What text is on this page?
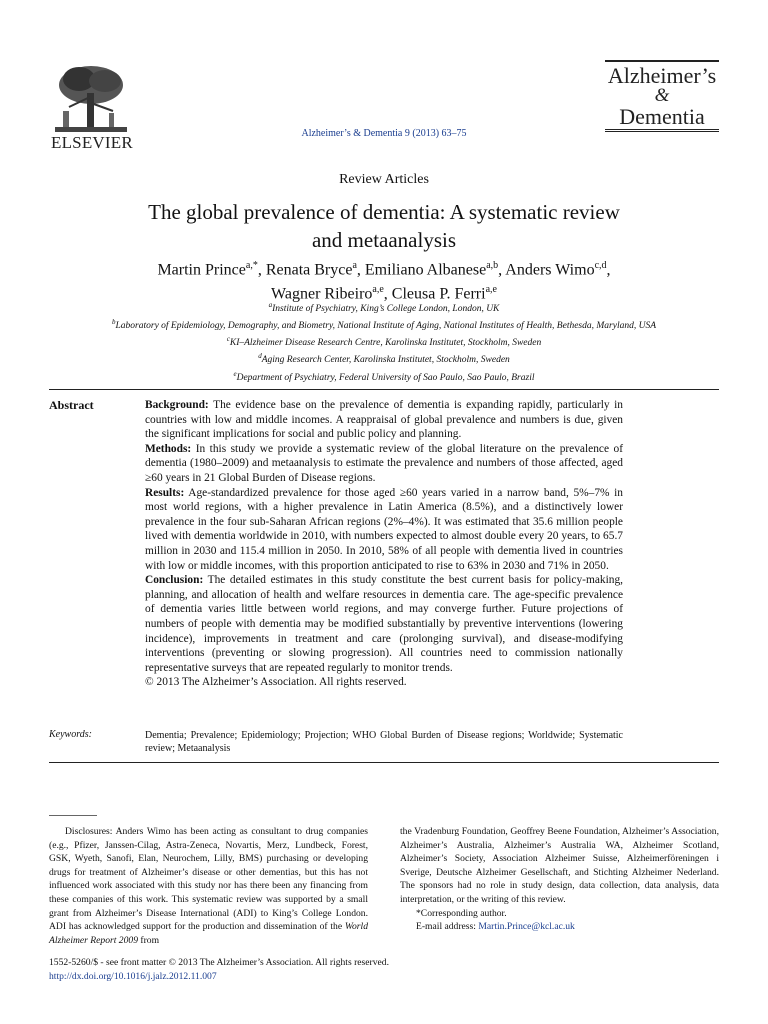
ELSEVIER	Alzheimer’s & Dementia 9 (2013) 63–75
Alzheimer’s
&
Dementia
Review Articles
The global prevalence of dementia: A systematic review
and metaanalysis
Martin Prince$^{a,*}$, Renata Bryce$^a$, Emiliano Albanese$^{a,b}$, Anders Wimo$^{c,d}$,
Wagner Ribeiro$^{a,e}$, Cleusa P. Ferri$^{a,e}$
$^a$Institute of Psychiatry, King’s College London, London, UK
$^b$Laboratory of Epidemiology, Demography, and Biometry, National Institute of Aging, National Institutes of Health, Bethesda, Maryland, USA
$^c$KI–Alzheimer Disease Research Centre, Karolinska Institutet, Stockholm, Sweden
$^d$Aging Research Center, Karolinska Institutet, Stockholm, Sweden
$^e$Department of Psychiatry, Federal University of Sao Paulo, Sao Paulo, Brazil
Abstract	Background: The evidence base on the prevalence of dementia is expanding rapidly, particularly in countries with low and middle incomes. A reappraisal of global prevalence and numbers is due, given the significant implications for social and public policy and planning.

Methods: In this study we provide a systematic review of the global literature on the prevalence of dementia (1980–2009) and metaanalysis to estimate the prevalence and numbers of those affected, aged ≥60 years in 21 Global Burden of Disease regions.

Results: Age-standardized prevalence for those aged ≥60 years varied in a narrow band, 5%–7% in most world regions, with a higher prevalence in Latin America (8.5%), and a distinctively lower prevalence in the four sub-Saharan African regions (2%–4%). It was estimated that 35.6 million people lived with dementia worldwide in 2010, with numbers expected to almost double every 20 years, to 65.7 million in 2030 and 115.4 million in 2050. In 2010, 58% of all people with dementia lived in countries with low or middle incomes, with this proportion anticipated to rise to 63% in 2030 and 71% in 2050.

Conclusion: The detailed estimates in this study constitute the best current basis for policy-making, planning, and allocation of health and welfare resources in dementia care. The age-specific prevalence of dementia varies little between world regions, and may converge further. Future projections of numbers of people with dementia may be modified substantially by preventive interventions (lowering incidence), improvements in treatment and care (prolonging survival), and disease-modifying interventions (preventing or slowing progression). All countries need to commission nationally representative surveys that are repeated regularly to monitor trends.

© 2013 The Alzheimer’s Association. All rights reserved.

Keywords:	Dementia; Prevalence; Epidemiology; Projection; WHO Global Burden of Disease regions; Worldwide; Systematic review; Metaanalysis

Disclosures: Anders Wimo has been acting as consultant to drug companies (e.g., Pfizer, Janssen-Cilag, Astra-Zeneca, Novartis, Merz, Lundbeck, Forest, GSK, Wyeth, Sanofi, Elan, Neurochem, Lilly, BMS) purchasing or developing drugs for treatment of Alzheimer’s disease or other dementias, but this has not influenced work associated with this study nor has there been any financing from these companies of this work. This systematic review was supported by a small grant from Alzheimer’s Disease International (ADI) to King’s College London. ADI has acknowledged support for the production and dissemination of the World Alzheimer Report 2009 from

the Vradenburg Foundation, Geoffrey Beene Foundation, Alzheimer’s Association, Alzheimer’s Australia, Alzheimer’s Australia WA, Alzheimer Scotland, Alzheimer’s Society, Association Alzheimer Suisse, Alzheimerföreningen i Sverige, Deutsche Alzheimer Gesellschaft, and Stichting Alzheimer Nederland. The sponsors had no role in study design, data collection, data analysis, data interpretation, or the writing of this review.

*Corresponding author.

E-mail address: Martin.Prince@kcl.ac.uk

1552-5260/$ - see front matter © 2013 The Alzheimer’s Association. All rights reserved.
http://dx.doi.org/10.1016/j.jalz.2012.11.007
